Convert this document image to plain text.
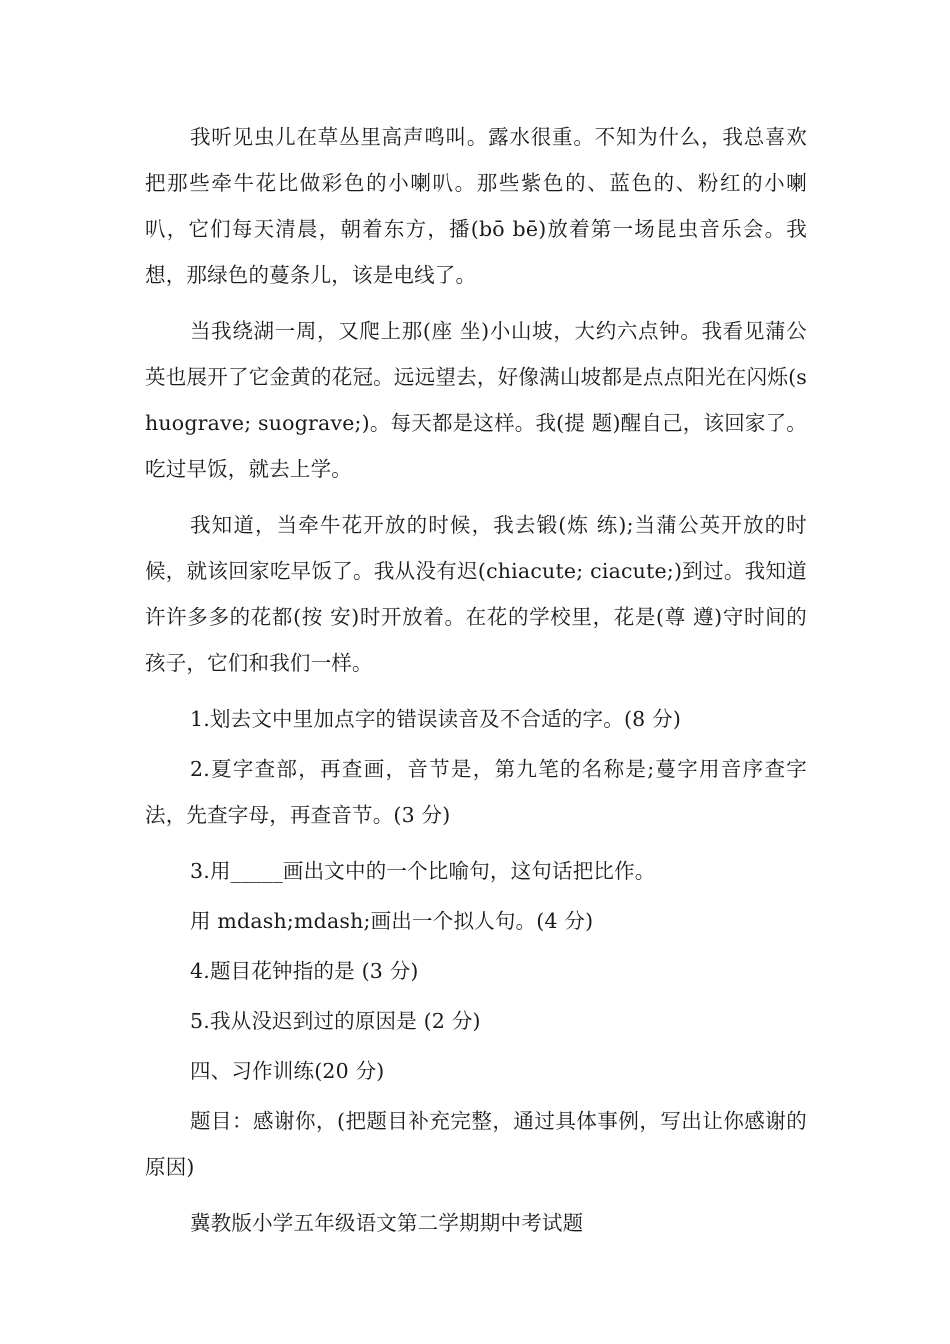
我听见虫儿在草丛里高声鸣叫。露水很重。不知为什么，我总喜欢把那些牵牛花比做彩色的小喇叭。那些紫色的、蓝色的、粉红的小喇叭，它们每天清晨，朝着东方，播(bō bē)放着第一场昆虫音乐会。我想，那绿色的蔓条儿，该是电线了。

当我绕湖一周，又爬上那(座 坐)小山坡，大约六点钟。我看见蒲公英也展开了它金黄的花冠。远远望去，好像满山坡都是点点阳光在闪烁(shuograve; suograve;)。每天都是这样。我(提 题)醒自己，该回家了。吃过早饭，就去上学。

我知道，当牵牛花开放的时候，我去锻(炼 练);当蒲公英开放的时候，就该回家吃早饭了。我从没有迟(chiacute; ciacute;)到过。我知道许许多多的花都(按 安)时开放着。在花的学校里，花是(尊 遵)守时间的孩子，它们和我们一样。

1.划去文中里加点字的错误读音及不合适的字。(8 分)

2.夏字查部，再查画，音节是，第九笔的名称是;蔓字用音序查字法，先查字母，再查音节。(3 分)

3.用_____画出文中的一个比喻句，这句话把比作。

用 mdash;mdash;画出一个拟人句。(4 分)

4.题目花钟指的是 (3 分)

5.我从没迟到过的原因是 (2 分)

四、习作训练(20 分)

题目：感谢你，(把题目补充完整，通过具体事例，写出让你感谢的原因)

冀教版小学五年级语文第二学期期中考试题
